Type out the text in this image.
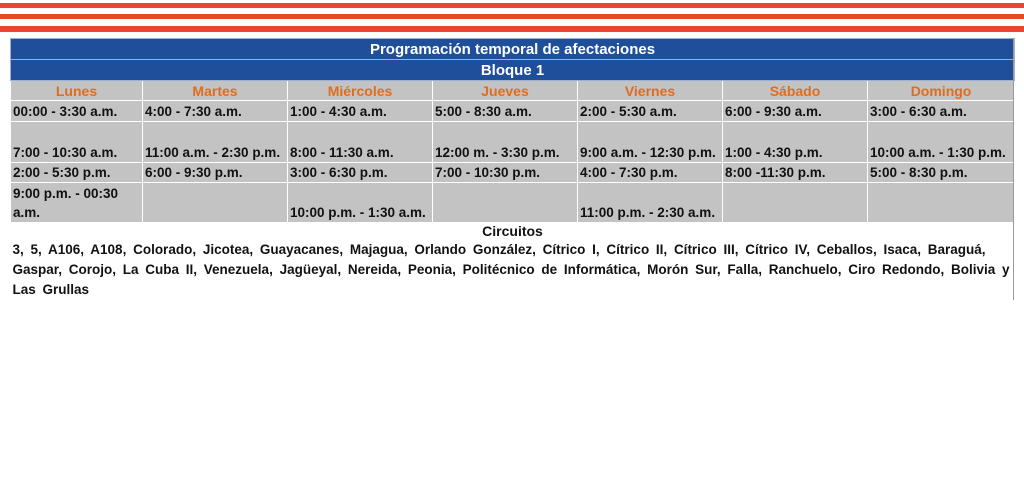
Programación temporal de afectaciones						
Bloque 1						
Lunes	Martes	Miércoles	Jueves	Viernes	Sábado	Domingo
00:00 - 3:30 a.m.	4:00 - 7:30 a.m.	1:00 - 4:30 a.m.	5:00 - 8:30 a.m.	2:00 - 5:30 a.m.	6:00 - 9:30 a.m.	3:00 - 6:30 a.m.
7:00 - 10:30 a.m.	11:00 a.m. - 2:30 p.m.	8:00 - 11:30 a.m.	12:00 m. - 3:30 p.m.	9:00 a.m. - 12:30 p.m.	1:00 - 4:30 p.m.	10:00 a.m. - 1:30 p.m.
2:00 - 5:30 p.m.	6:00 - 9:30 p.m.	3:00 - 6:30 p.m.	7:00 - 10:30 p.m.	4:00 - 7:30 p.m.	8:00 -11:30 p.m.	5:00 - 8:30 p.m.
9:00 p.m. - 00:30 a.m.		10:00 p.m. - 1:30 a.m.		11:00 p.m. - 2:30 a.m.		
Circuitos						
3, 5, A106, A108, Colorado, Jicotea, Guayacanes, Majagua, Orlando González, Cítrico I, Cítrico II, Cítrico III, Cítrico IV, Ceballos, Isaca, Baraguá, Gaspar, Corojo, La Cuba II, Venezuela, Jagüeyal, Nereida, Peonia, Politécnico de Informática, Morón Sur, Falla, Ranchuelo, Ciro Redondo, Bolivia y Las Grullas						
